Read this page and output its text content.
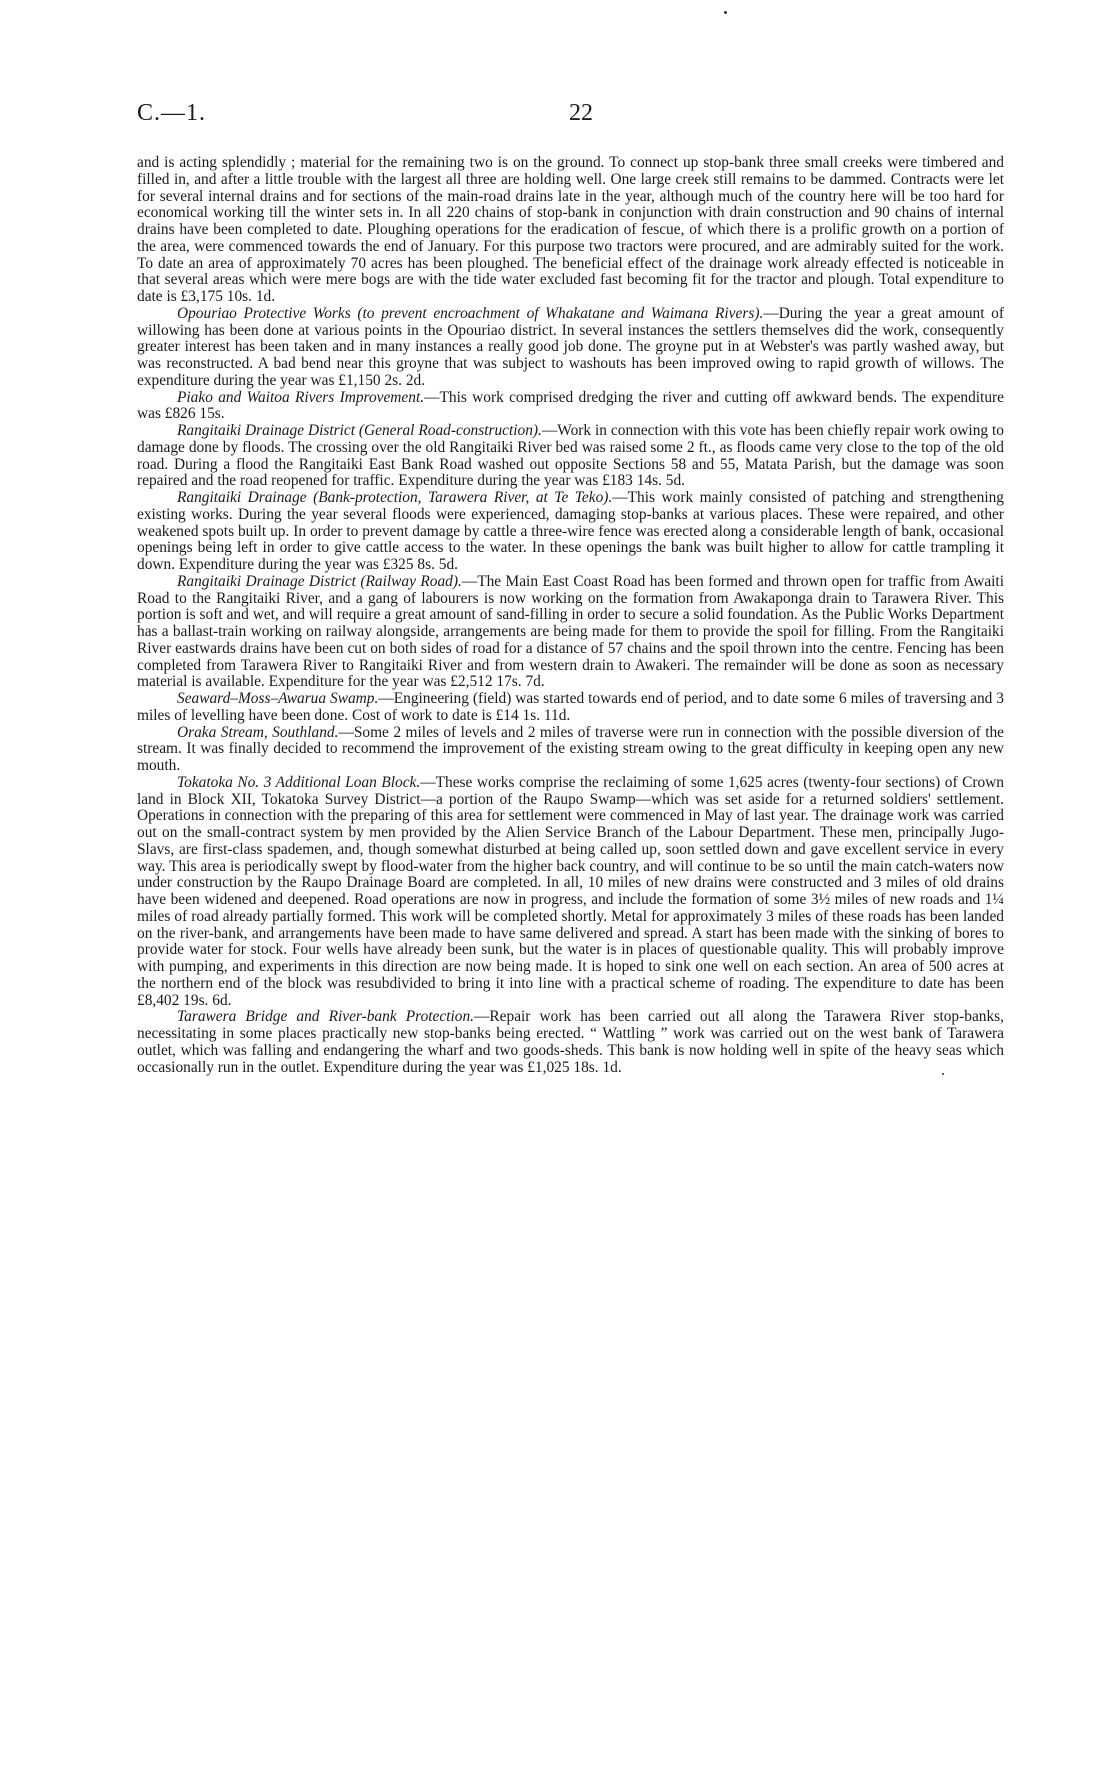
C.—1.	22

and is acting splendidly ; material for the remaining two is on the ground. To connect up stop-bank three small creeks were timbered and filled in, and after a little trouble with the largest all three are holding well. One large creek still remains to be dammed. Contracts were let for several internal drains and for sections of the main-road drains late in the year, although much of the country here will be too hard for economical working till the winter sets in. In all 220 chains of stop-bank in conjunction with drain construction and 90 chains of internal drains have been completed to date. Ploughing operations for the eradication of fescue, of which there is a prolific growth on a portion of the area, were commenced towards the end of January. For this purpose two tractors were procured, and are admirably suited for the work. To date an area of approximately 70 acres has been ploughed. The beneficial effect of the drainage work already effected is noticeable in that several areas which were mere bogs are with the tide water excluded fast becoming fit for the tractor and plough. Total expenditure to date is £3,175 10s. 1d.

Opouriao Protective Works (to prevent encroachment of Whakatane and Waimana Rivers).—During the year a great amount of willowing has been done at various points in the Opouriao district. In several instances the settlers themselves did the work, consequently greater interest has been taken and in many instances a really good job done. The groyne put in at Webster's was partly washed away, but was reconstructed. A bad bend near this groyne that was subject to washouts has been improved owing to rapid growth of willows. The expenditure during the year was £1,150 2s. 2d.

Piako and Waitoa Rivers Improvement.—This work comprised dredging the river and cutting off awkward bends. The expenditure was £826 15s.

Rangitaiki Drainage District (General Road-construction).—Work in connection with this vote has been chiefly repair work owing to damage done by floods. The crossing over the old Rangitaiki River bed was raised some 2 ft., as floods came very close to the top of the old road. During a flood the Rangitaiki East Bank Road washed out opposite Sections 58 and 55, Matata Parish, but the damage was soon repaired and the road reopened for traffic. Expenditure during the year was £183 14s. 5d.

Rangitaiki Drainage (Bank-protection, Tarawera River, at Te Teko).—This work mainly consisted of patching and strengthening existing works. During the year several floods were experienced, damaging stop-banks at various places. These were repaired, and other weakened spots built up. In order to prevent damage by cattle a three-wire fence was erected along a considerable length of bank, occasional openings being left in order to give cattle access to the water. In these openings the bank was built higher to allow for cattle trampling it down. Expenditure during the year was £325 8s. 5d.

Rangitaiki Drainage District (Railway Road).—The Main East Coast Road has been formed and thrown open for traffic from Awaiti Road to the Rangitaiki River, and a gang of labourers is now working on the formation from Awakaponga drain to Tarawera River. This portion is soft and wet, and will require a great amount of sand-filling in order to secure a solid foundation. As the Public Works Department has a ballast-train working on railway alongside, arrangements are being made for them to provide the spoil for filling. From the Rangitaiki River eastwards drains have been cut on both sides of road for a distance of 57 chains and the spoil thrown into the centre. Fencing has been completed from Tarawera River to Rangitaiki River and from western drain to Awakeri. The remainder will be done as soon as necessary material is available. Expenditure for the year was £2,512 17s. 7d.

Seaward–Moss–Awarua Swamp.—Engineering (field) was started towards end of period, and to date some 6 miles of traversing and 3 miles of levelling have been done. Cost of work to date is £14 1s. 11d.

Oraka Stream, Southland.—Some 2 miles of levels and 2 miles of traverse were run in connection with the possible diversion of the stream. It was finally decided to recommend the improvement of the existing stream owing to the great difficulty in keeping open any new mouth.

Tokatoka No. 3 Additional Loan Block.—These works comprise the reclaiming of some 1,625 acres (twenty-four sections) of Crown land in Block XII, Tokatoka Survey District—a portion of the Raupo Swamp—which was set aside for a returned soldiers' settlement. Operations in connection with the preparing of this area for settlement were commenced in May of last year. The drainage work was carried out on the small-contract system by men provided by the Alien Service Branch of the Labour Department. These men, principally Jugo-Slavs, are first-class spademen, and, though somewhat disturbed at being called up, soon settled down and gave excellent service in every way. This area is periodically swept by flood-water from the higher back country, and will continue to be so until the main catch-waters now under construction by the Raupo Drainage Board are completed. In all, 10 miles of new drains were constructed and 3 miles of old drains have been widened and deepened. Road operations are now in progress, and include the formation of some 3½ miles of new roads and 1¼ miles of road already partially formed. This work will be completed shortly. Metal for approximately 3 miles of these roads has been landed on the river-bank, and arrangements have been made to have same delivered and spread. A start has been made with the sinking of bores to provide water for stock. Four wells have already been sunk, but the water is in places of questionable quality. This will probably improve with pumping, and experiments in this direction are now being made. It is hoped to sink one well on each section. An area of 500 acres at the northern end of the block was resubdivided to bring it into line with a practical scheme of roading. The expenditure to date has been £8,402 19s. 6d.

Tarawera Bridge and River-bank Protection.—Repair work has been carried out all along the Tarawera River stop-banks, necessitating in some places practically new stop-banks being erected. “ Wattling ” work was carried out on the west bank of Tarawera outlet, which was falling and endangering the wharf and two goods-sheds. This bank is now holding well in spite of the heavy seas which occasionally run in the outlet. Expenditure during the year was £1,025 18s. 1d.
